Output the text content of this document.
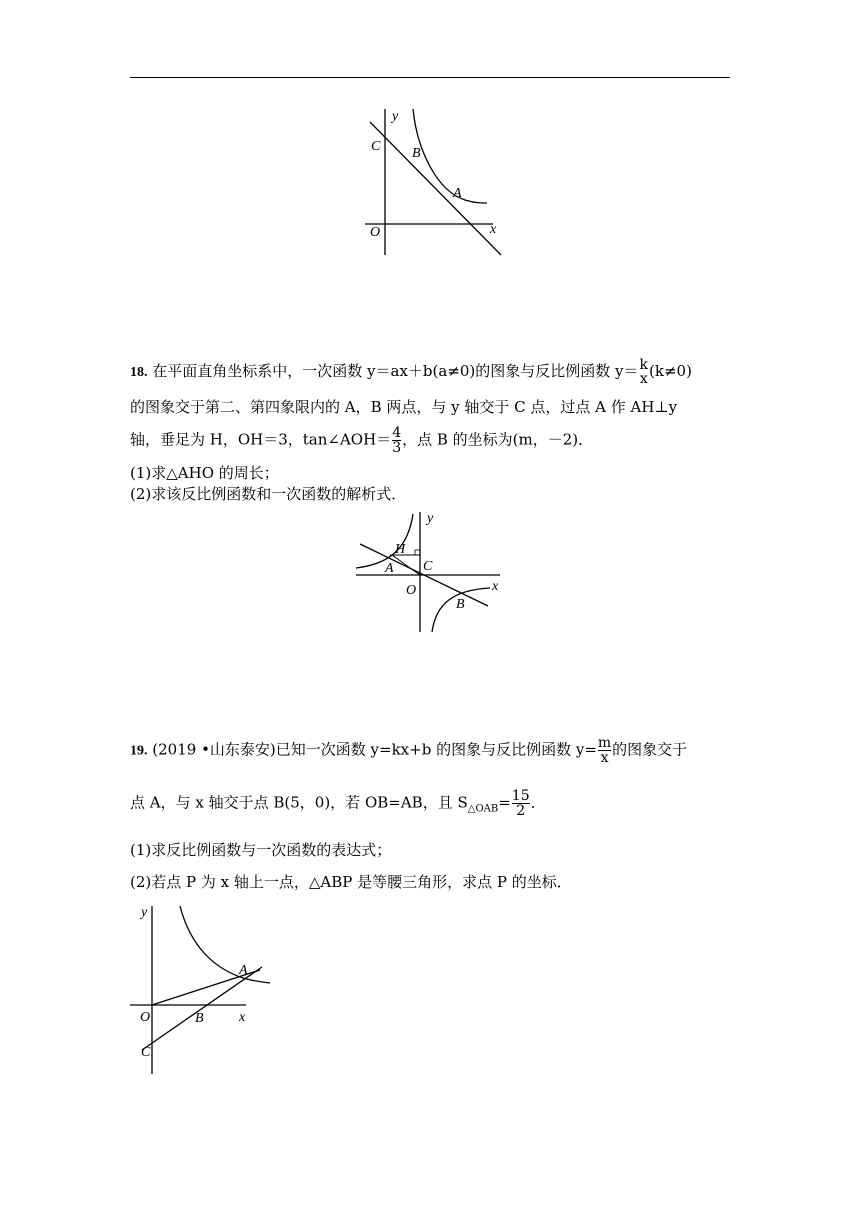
y
C B
A
O	x
18. 在平面直角坐标系中，一次函数 y＝ax＋b(a≠0)的图象与反比例函数 y＝ k
x (k≠0)
的图象交于第二、第四象限内的 A，B 两点，与 y 轴交于 C 点，过点 A 作 AH⊥y
轴，垂足为 H，OH＝3，tan∠AOH＝ $\frac{4}{3}$ ，点 B 的坐标为(m，－2)．
(1)求△AHO 的周长；
(2)求该反比例函数和一次函数的解析式．
y
H
A C
O
B
x
19. (2019 •山东泰安)已知一次函数 y=kx+b 的图象与反比例函数 $y= \frac{m}{x}$ 的图象交于
点 A，与 x 轴交于点 B(5，0)，若 OB=AB，且 $S_{\triangle OAB}= \frac{15}{2}$ ．
(1)求反比例函数与一次函数的表达式；
(2)若点 P 为 x 轴上一点，△ABP 是等腰三角形，求点 P 的坐标．
y
A
O	B	x
C
